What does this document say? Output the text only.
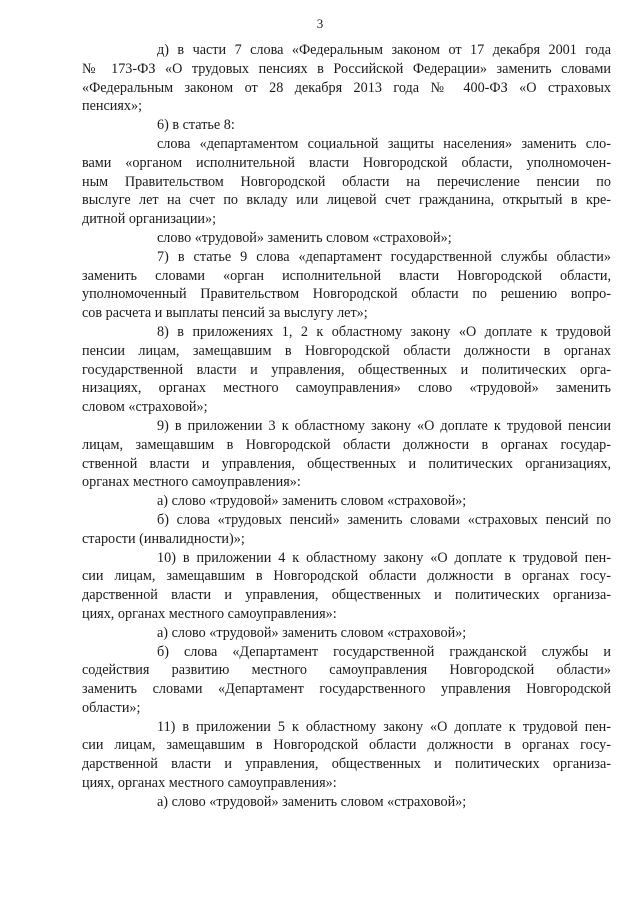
3
д) в части 7 слова «Федеральным законом от 17 декабря 2001 года
№ 173-ФЗ «О трудовых пенсиях в Российской Федерации» заменить словами
«Федеральным законом от 28 декабря 2013 года № 400-ФЗ «О страховых
пенсиях»;
6) в статье 8:
слова «департаментом социальной защиты населения» заменить сло-
вами «органом исполнительной власти Новгородской области, уполномочен-
ным Правительством Новгородской области на перечисление пенсии по
выслуге лет на счет по вкладу или лицевой счет гражданина, открытый в кре-
дитной организации»;
слово «трудовой» заменить словом «страховой»;
7) в статье 9 слова «департамент государственной службы области»
заменить словами «орган исполнительной власти Новгородской области,
уполномоченный Правительством Новгородской области по решению вопро-
сов расчета и выплаты пенсий за выслугу лет»;
8) в приложениях 1, 2 к областному закону «О доплате к трудовой
пенсии лицам, замещавшим в Новгородской области должности в органах
государственной власти и управления, общественных и политических орга-
низациях, органах местного самоуправления» слово «трудовой» заменить
словом «страховой»;
9) в приложении 3 к областному закону «О доплате к трудовой пенсии
лицам, замещавшим в Новгородской области должности в органах государ-
ственной власти и управления, общественных и политических организациях,
органах местного самоуправления»:
а) слово «трудовой» заменить словом «страховой»;
б) слова «трудовых пенсий» заменить словами «страховых пенсий по
старости (инвалидности)»;
10) в приложении 4 к областному закону «О доплате к трудовой пен-
сии лицам, замещавшим в Новгородской области должности в органах госу-
дарственной власти и управления, общественных и политических организа-
циях, органах местного самоуправления»:
а) слово «трудовой» заменить словом «страховой»;
б) слова «Департамент государственной гражданской службы и
содействия развитию местного самоуправления Новгородской области»
заменить словами «Департамент государственного управления Новгородской
области»;
11) в приложении 5 к областному закону «О доплате к трудовой пен-
сии лицам, замещавшим в Новгородской области должности в органах госу-
дарственной власти и управления, общественных и политических организа-
циях, органах местного самоуправления»:
а) слово «трудовой» заменить словом «страховой»;
